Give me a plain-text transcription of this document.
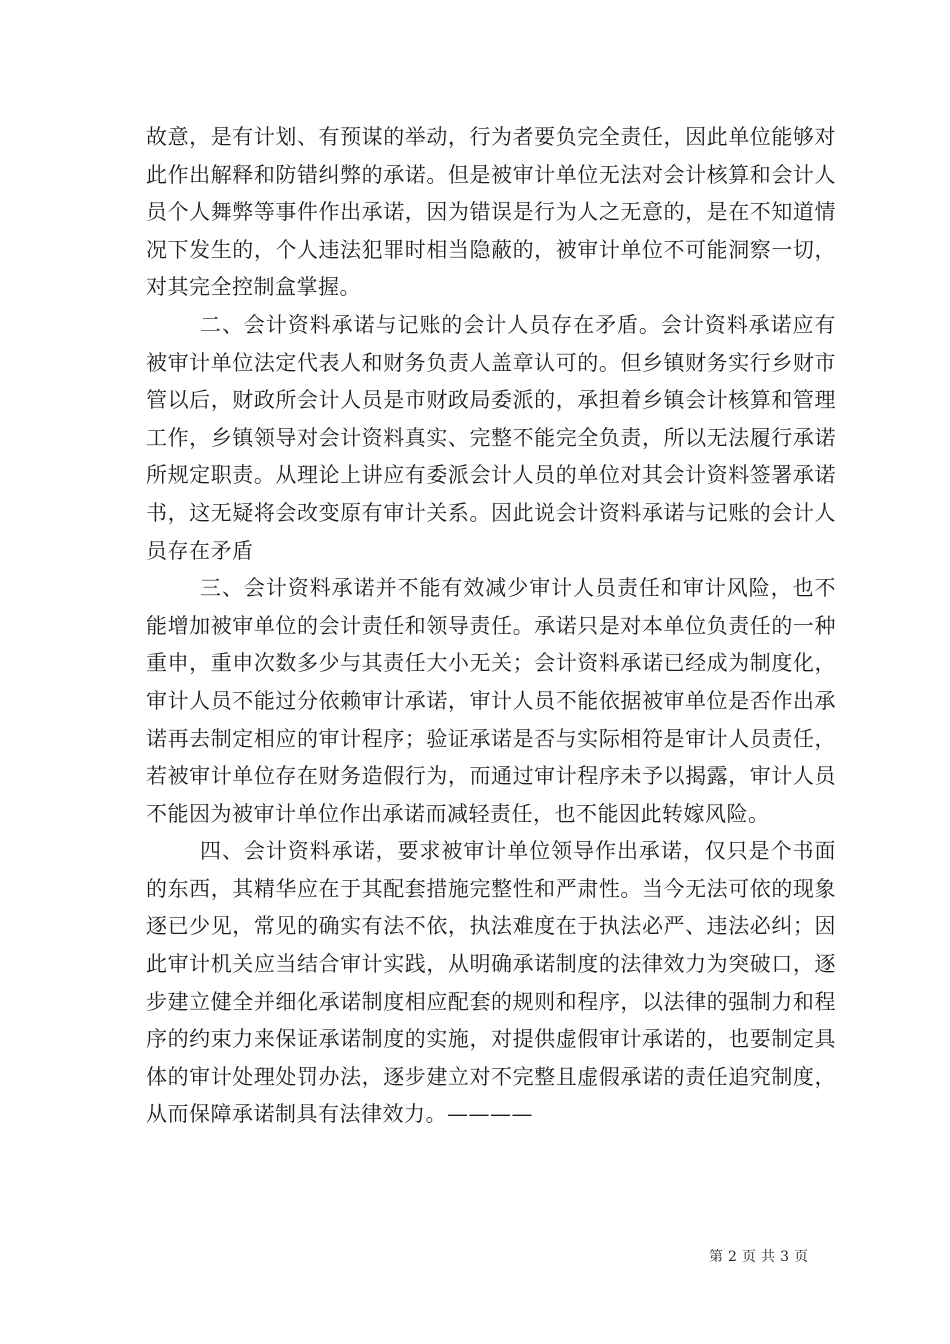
故意，是有计划、有预谋的举动，行为者要负完全责任，因此单位能够对此作出解释和防错纠弊的承诺。但是被审计单位无法对会计核算和会计人员个人舞弊等事件作出承诺，因为错误是行为人之无意的，是在不知道情况下发生的，个人违法犯罪时相当隐蔽的，被审计单位不可能洞察一切，对其完全控制盒掌握。

二、会计资料承诺与记账的会计人员存在矛盾。会计资料承诺应有被审计单位法定代表人和财务负责人盖章认可的。但乡镇财务实行乡财市管以后，财政所会计人员是市财政局委派的，承担着乡镇会计核算和管理工作，乡镇领导对会计资料真实、完整不能完全负责，所以无法履行承诺所规定职责。从理论上讲应有委派会计人员的单位对其会计资料签署承诺书，这无疑将会改变原有审计关系。因此说会计资料承诺与记账的会计人员存在矛盾

三、会计资料承诺并不能有效减少审计人员责任和审计风险，也不能增加被审单位的会计责任和领导责任。承诺只是对本单位负责任的一种重申，重申次数多少与其责任大小无关；会计资料承诺已经成为制度化，审计人员不能过分依赖审计承诺，审计人员不能依据被审单位是否作出承诺再去制定相应的审计程序；验证承诺是否与实际相符是审计人员责任，若被审计单位存在财务造假行为，而通过审计程序未予以揭露，审计人员不能因为被审计单位作出承诺而减轻责任，也不能因此转嫁风险。

四、会计资料承诺，要求被审计单位领导作出承诺，仅只是个书面的东西，其精华应在于其配套措施完整性和严肃性。当今无法可依的现象逐已少见，常见的确实有法不依，执法难度在于执法必严、违法必纠；因此审计机关应当结合审计实践，从明确承诺制度的法律效力为突破口，逐步建立健全并细化承诺制度相应配套的规则和程序，以法律的强制力和程序的约束力来保证承诺制度的实施，对提供虚假审计承诺的，也要制定具体的审计处理处罚办法，逐步建立对不完整且虚假承诺的责任追究制度，从而保障承诺制具有法律效力。————

第 2 页 共 3 页
